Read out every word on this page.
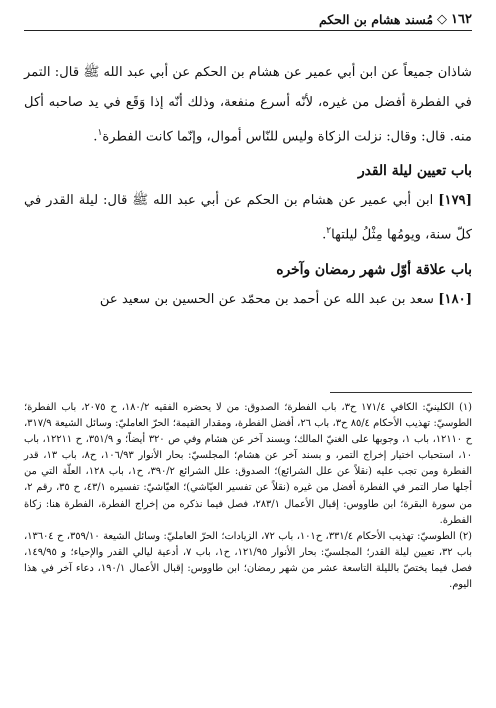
١٦٢
◇
مُسند هشام بن الحكم

شاذان جميعاً عن ابن أبي عمير عن هشام بن الحكم عن أبي عبد الله ﷺ قال: التمر في الفطرة أفضل من غيره، لأنّه أسرع منفعة، وذلك أنّه إذا وَقَع في يد صاحبه أكل منه. قال: وقال: نزلت الزكاة وليس للنّاس أموال، وإنّما كانت الفطرة$^١$.

باب تعيين ليلة القدر

[١٧٩] ابن أبي عمير عن هشام بن الحكم عن أبي عبد الله ﷺ قال: ليلة القدر في كلّ سنة، ويومُها مِثْلُ ليلتها$^٢$.

باب علاقة أوّل شهر رمضان وآخره

[١٨٠] سعد بن عبد الله عن أحمد بن محمّد عن الحسين بن سعيد عن

(١) الكلينيّ: الكافي ١٧١/٤ ح٣، باب الفطرة؛ الصدوق: من لا يحضره الفقيه ١٨٠/٢، ح ٢٠٧٥، باب الفطرة؛ الطوسيّ: تهذيب الأحكام ٨٥/٤ ح٣، باب ٢٦، أفضل الفطرة، ومقدار القيمة؛ الحرّ العامليّ: وسائل الشيعة ٣١٧/٩، ح ١٢١١٠، باب ١، وجوبها على الغنيّ المالك؛ وبسند آخر عن هشام وفي ص ٣٢٠ أيضاً؛ و ٣٥١/٩، ح ١٢٢١١، باب ١٠، استحباب اختيار إخراج التمر، و بسند آخر عن هشام؛ المجلسيّ: بحار الأنوار ١٠٦/٩٣، ح٨، باب ١٣، قدر الفطرة ومن تجب عليه (نقلاً عن علل الشرائع)؛ الصدوق: علل الشرائع ٣٩٠/٢، ح١، باب ١٢٨، العلّة التي من أجلها صار التمر في الفطرة أفضل من غيره (نقلاً عن تفسير العيّاشي)؛ العيّاشيّ: تفسيره ٤٣/١، ح ٣٥، رقم ٢، من سورة البقرة؛ ابن طاووس: إقبال الأعمال ٢٨٣/١، فصل فيما نذكره من إخراج الفطرة، الفطرة هنا: زكاة الفطرة.

(٢) الطوسيّ: تهذيب الأحكام ٣٣١/٤، ح١٠١، باب ٧٢، الزيادات؛ الحرّ العامليّ: وسائل الشيعة ٣٥٩/١٠، ح ١٣٦٠٤، باب ٣٢، تعيين ليلة القدر؛ المجلسيّ: بحار الأنوار ١٢١/٩٥، ح١، باب ٧، أدعية ليالي القدر والإحياء؛ و ١٤٩/٩٥، فصل فيما يختصّ بالليلة التاسعة عشر من شهر رمضان؛ ابن طاووس: إقبال الأعمال ١٩٠/١، دعاء آخر في هذا اليوم.
